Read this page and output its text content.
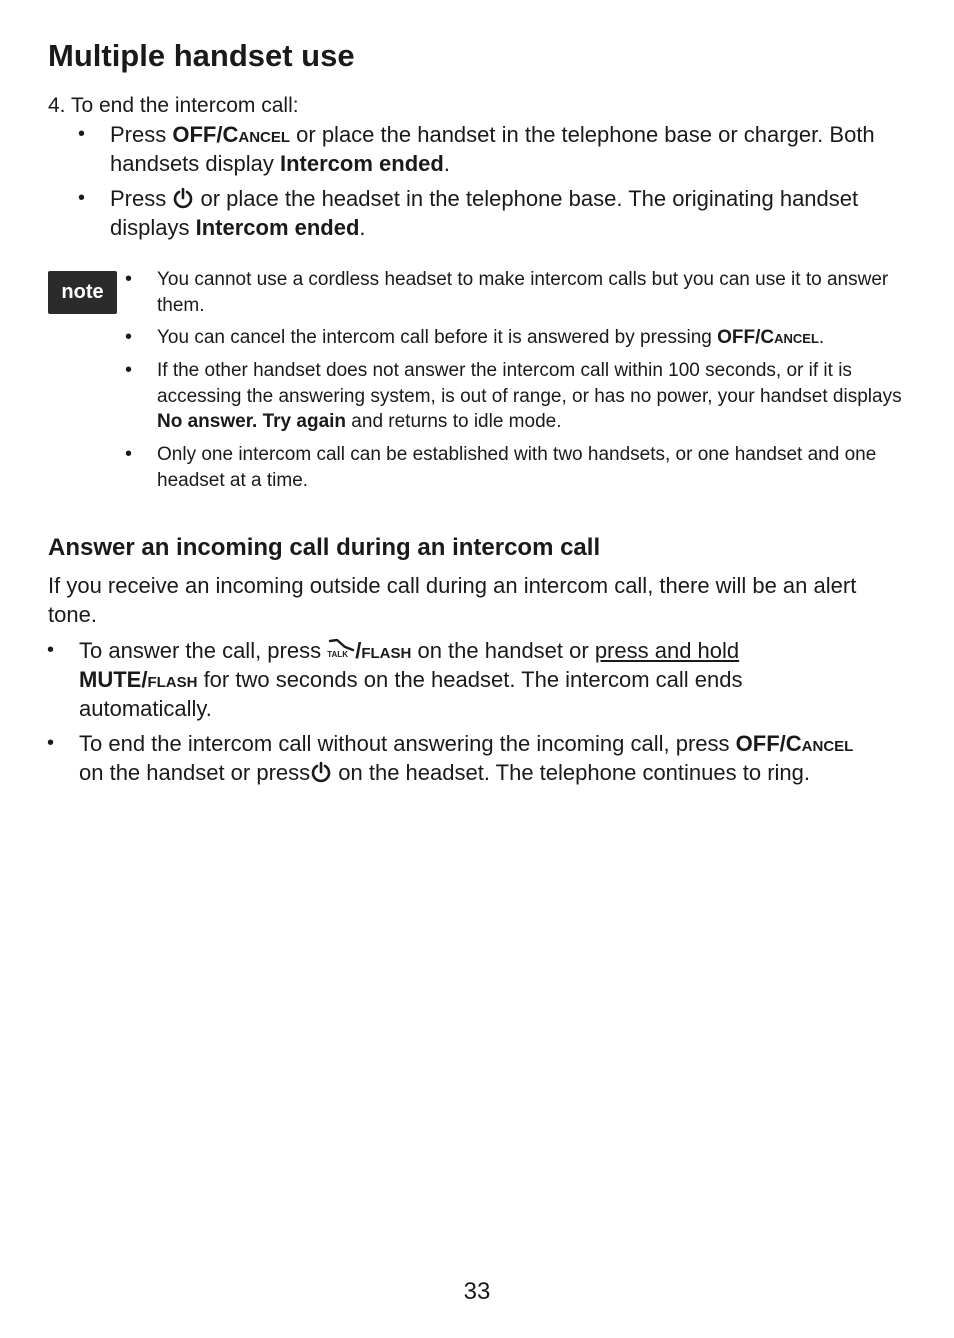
Multiple handset use
4. To end the intercom call:
• Press OFF/Cancel or place the handset in the telephone base or charger. Both handsets display Intercom ended.
• Press  or place the headset in the telephone base. The originating handset displays Intercom ended.
note
• You cannot use a cordless headset to make intercom calls but you can use it to answer them.
• You can cancel the intercom call before it is answered by pressing OFF/Cancel.
• If the other handset does not answer the intercom call within 100 seconds, or if it is accessing the answering system, is out of range, or has no power, your handset displays No answer. Try again and returns to idle mode.
• Only one intercom call can be established with two handsets, or one handset and one headset at a time.
Answer an incoming call during an intercom call
If you receive an incoming outside call during an intercom call, there will be an alert tone.
• To answer the call, press TALK /flash on the handset or press and hold
MUTE/flash for two seconds on the headset. The intercom call ends automatically.
• To end the intercom call without answering the incoming call, press OFF/Cancel on the handset or press on the headset. The telephone continues to ring.
33
